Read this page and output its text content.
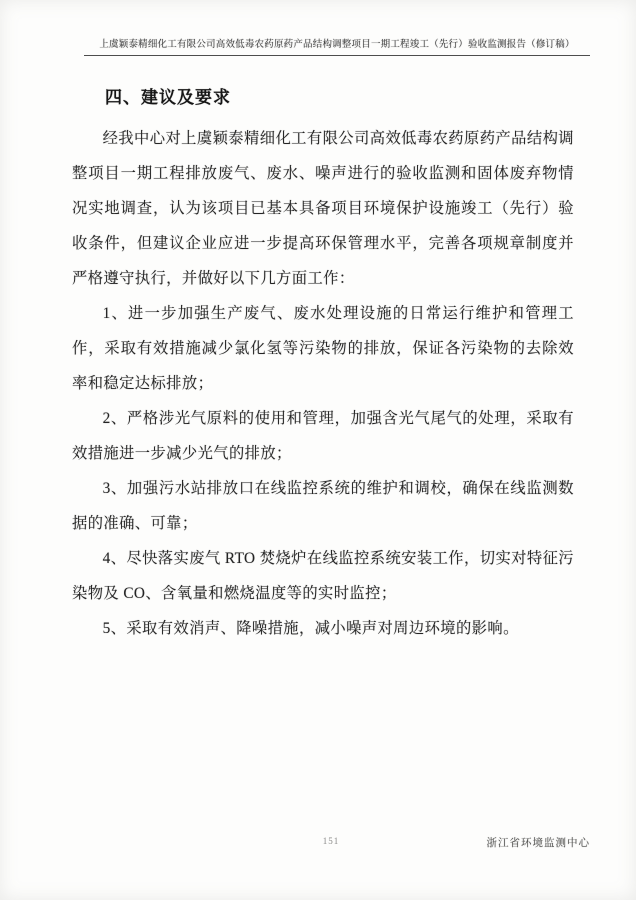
上虞颖泰精细化工有限公司高效低毒农药原药产品结构调整项目一期工程竣工（先行）验收监测报告（修订稿）
四、建议及要求

经我中心对上虞颖泰精细化工有限公司高效低毒农药原药产品结构调整项目一期工程排放废气、废水、噪声进行的验收监测和固体废弃物情况实地调查，认为该项目已基本具备项目环境保护设施竣工（先行）验收条件，但建议企业应进一步提高环保管理水平，完善各项规章制度并严格遵守执行，并做好以下几方面工作：

1、进一步加强生产废气、废水处理设施的日常运行维护和管理工作，采取有效措施减少氯化氢等污染物的排放，保证各污染物的去除效率和稳定达标排放；

2、严格涉光气原料的使用和管理，加强含光气尾气的处理，采取有效措施进一步减少光气的排放；

3、加强污水站排放口在线监控系统的维护和调校，确保在线监测数据的准确、可靠；

4、尽快落实废气 RTO 焚烧炉在线监控系统安装工作，切实对特征污染物及 CO、含氧量和燃烧温度等的实时监控；

5、采取有效消声、降噪措施，减小噪声对周边环境的影响。

151	浙江省环境监测中心
